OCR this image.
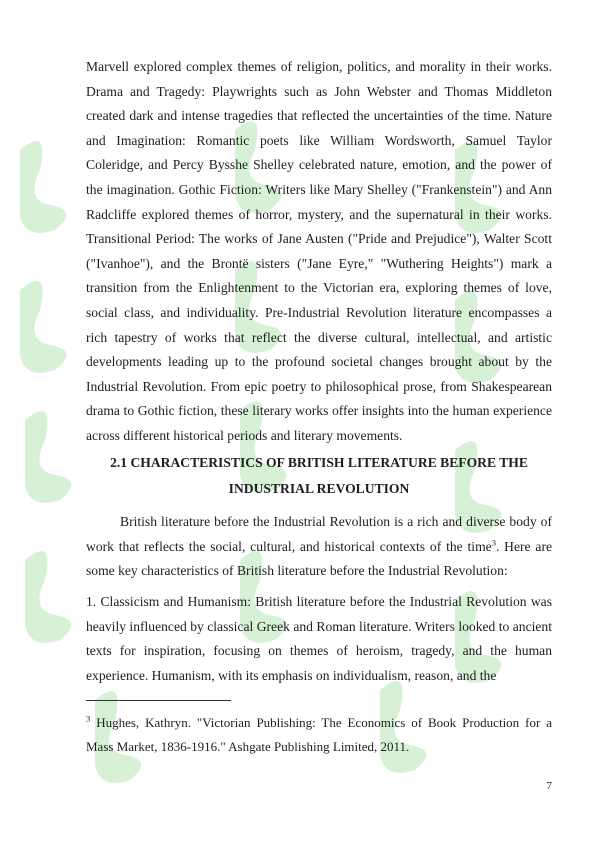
Marvell explored complex themes of religion, politics, and morality in their works. Drama and Tragedy: Playwrights such as John Webster and Thomas Middleton created dark and intense tragedies that reflected the uncertainties of the time. Nature and Imagination: Romantic poets like William Wordsworth, Samuel Taylor Coleridge, and Percy Bysshe Shelley celebrated nature, emotion, and the power of the imagination. Gothic Fiction: Writers like Mary Shelley ("Frankenstein") and Ann Radcliffe explored themes of horror, mystery, and the supernatural in their works. Transitional Period: The works of Jane Austen ("Pride and Prejudice"), Walter Scott ("Ivanhoe"), and the Brontë sisters ("Jane Eyre," "Wuthering Heights") mark a transition from the Enlightenment to the Victorian era, exploring themes of love, social class, and individuality. Pre-Industrial Revolution literature encompasses a rich tapestry of works that reflect the diverse cultural, intellectual, and artistic developments leading up to the profound societal changes brought about by the Industrial Revolution. From epic poetry to philosophical prose, from Shakespearean drama to Gothic fiction, these literary works offer insights into the human experience across different historical periods and literary movements.

2.1 CHARACTERISTICS OF BRITISH LITERATURE BEFORE THE
INDUSTRIAL REVOLUTION

British literature before the Industrial Revolution is a rich and diverse body of work that reflects the social, cultural, and historical contexts of the time$^3$. Here are some key characteristics of British literature before the Industrial Revolution:

1. Classicism and Humanism: British literature before the Industrial Revolution was heavily influenced by classical Greek and Roman literature. Writers looked to ancient texts for inspiration, focusing on themes of heroism, tragedy, and the human experience. Humanism, with its emphasis on individualism, reason, and the

$^3$ Hughes, Kathryn. "Victorian Publishing: The Economics of Book Production for a Mass Market, 1836-1916." Ashgate Publishing Limited, 2011.

7
